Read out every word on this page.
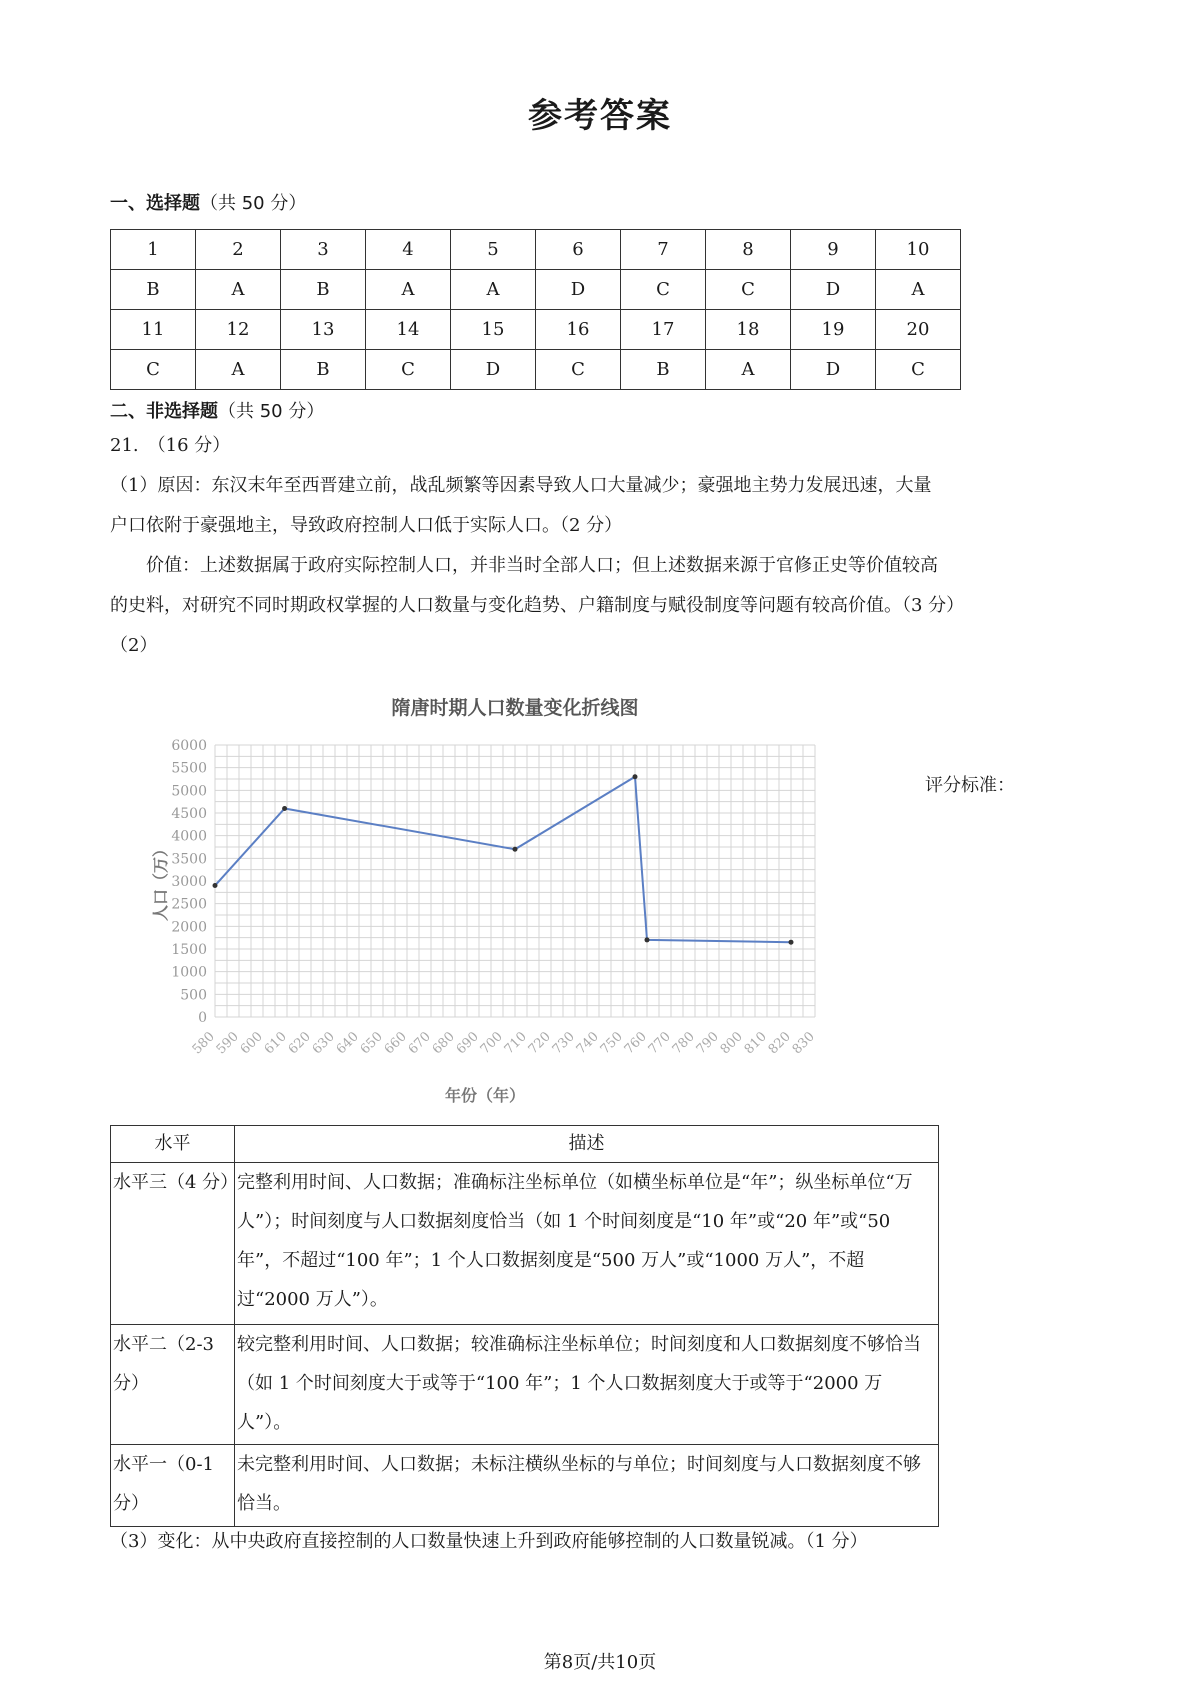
参考答案
一、选择题（共 50 分）
1	2	3	4	5	6	7	8	9	10
B	A	B	A	A	D	C	C	D	A
11	12	13	14	15	16	17	18	19	20
C	A	B	C	D	C	B	A	D	C
二、非选择题（共 50 分）
21.　（16 分）
（1）原因：东汉末年至西晋建立前，战乱频繁等因素导致人口大量减少；豪强地主势力发展迅速，大量
户口依附于豪强地主，导致政府控制人口低于实际人口。（2 分）
价值：上述数据属于政府实际控制人口，并非当时全部人口；但上述数据来源于官修正史等价值较高
的史料，对研究不同时期政权掌握的人口数量与变化趋势、户籍制度与赋役制度等问题有较高价值。（3 分）
（2）
隋唐时期人口数量变化折线图
0
500
1000
1500
2000
2500
3000
3500
4000
4500
5000
5500
6000
580
590
600
610
620
630
640
650
660
670
680
690
700
710
720
730
740
750
760
770
780
790
800
810
820
830
人口（万）
年份（年）
评分标准：
水平	描述
水平三（4 分）	完整利用时间、人口数据；准确标注坐标单位（如横坐标单位是“年”；纵坐标单位“万人”）；时间刻度与人口数据刻度恰当（如 1 个时间刻度是“10 年”或“20 年”或“50 年”，不超过“100 年”；1 个人口数据刻度是“500 万人”或“1000 万人”，不超过“2000 万人”）。
水平二（2-3 分）	较完整利用时间、人口数据；较准确标注坐标单位；时间刻度和人口数据刻度不够恰当（如 1 个时间刻度大于或等于“100 年”；1 个人口数据刻度大于或等于“2000 万人”）。
水平一（0-1 分）	未完整利用时间、人口数据；未标注横纵坐标的与单位；时间刻度与人口数据刻度不够恰当。
（3）变化：从中央政府直接控制的人口数量快速上升到政府能够控制的人口数量锐减。（1 分）
第8页/共10页
